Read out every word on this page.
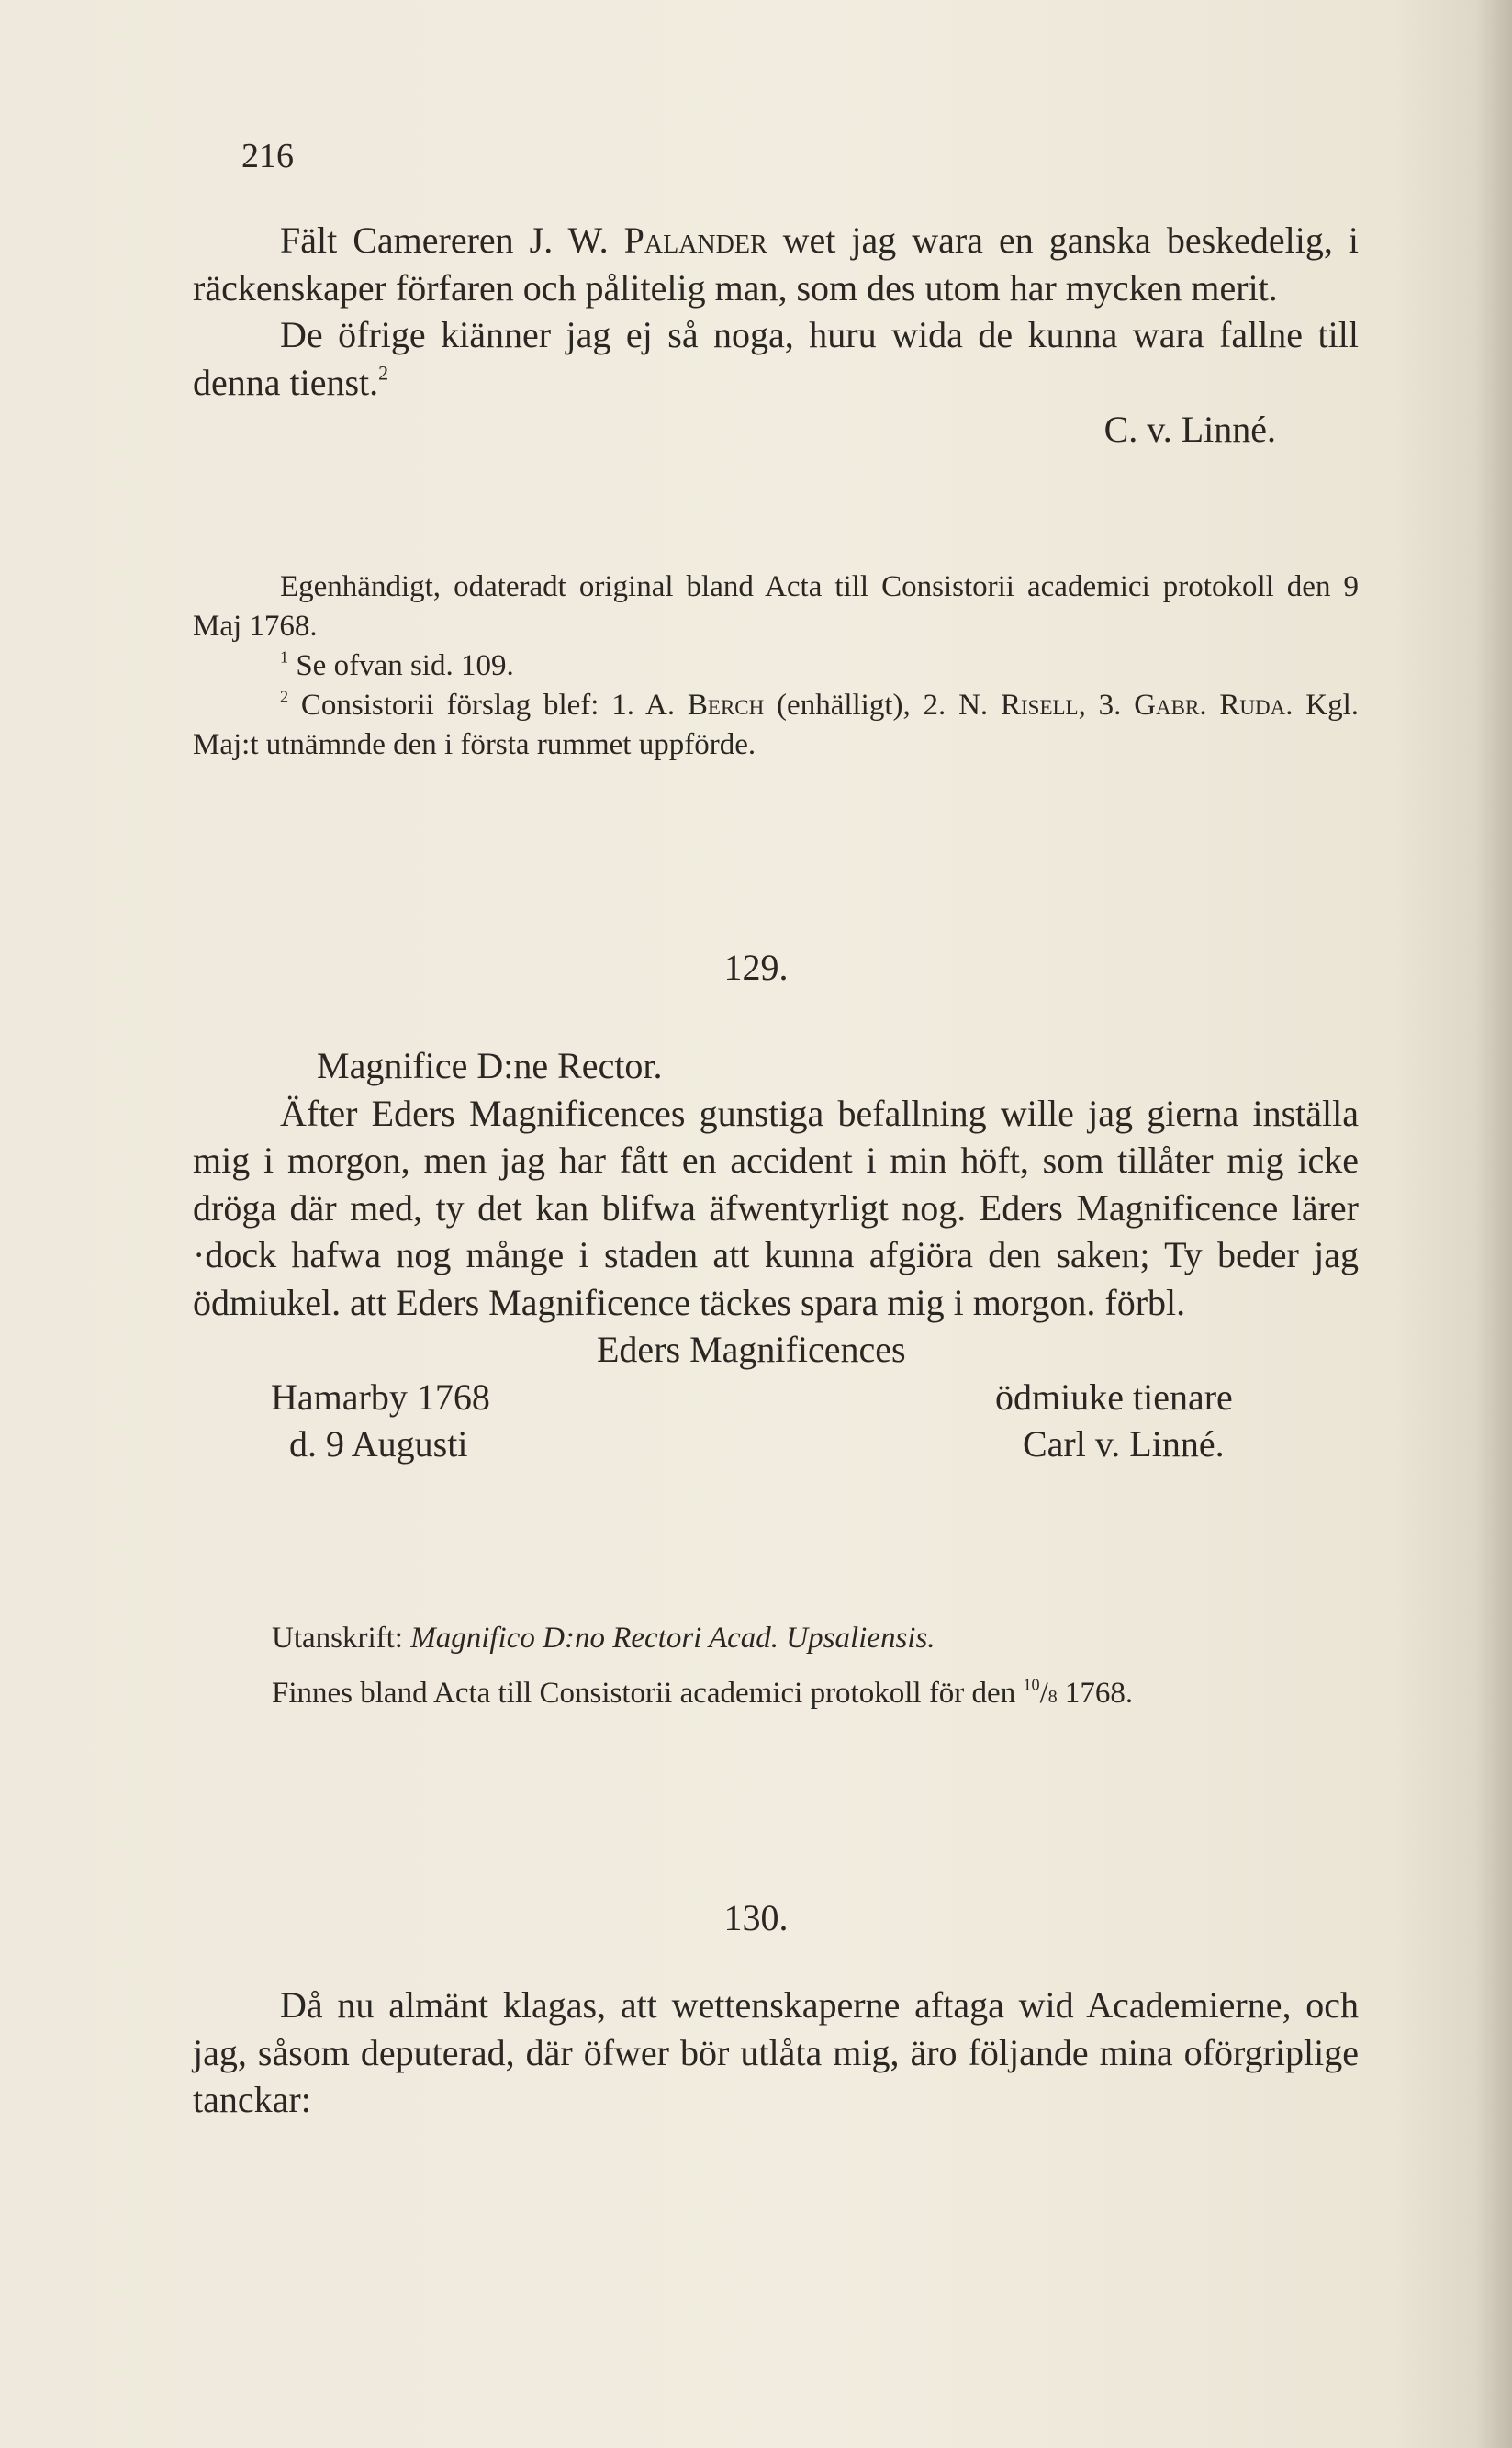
216

Fält Camereren J. W. Palander wet jag wara en ganska beskedelig, i räckenskaper förfaren och pålitelig man, som des utom har mycken merit.

De öfrige kiänner jag ej så noga, huru wida de kunna wara fallne till denna tienst.$^2$

C. v. Linné.

Egenhändigt, odateradt original bland Acta till Consistorii academici protokoll den 9 Maj 1768.

$^1$ Se ofvan sid. 109.

$^2$ Consistorii förslag blef: 1. A. Berch (enhälligt), 2. N. Risell, 3. Gabr. Ruda. Kgl. Maj:t utnämnde den i första rummet uppförde.

129.

Magnifice D:ne Rector.

Äfter Eders Magnificences gunstiga befallning wille jag gierna inställa mig i morgon, men jag har fått en accident i min höft, som tillåter mig icke dröga där med, ty det kan blifwa äfwentyrligt nog. Eders Magnificence lärer ·dock hafwa nog månge i staden att kunna afgiöra den saken; Ty beder jag ödmiukel. att Eders Magnificence täckes spara mig i morgon. förbl.

Eders Magnificences

Hamarby 1768
d. 9 Augusti
ödmiuke tienare
Carl v. Linné.

Utanskrift: Magnifico D:no Rectori Acad. Upsaliensis.

Finnes bland Acta till Consistorii academici protokoll för den $^{10}$/8 1768.

130.

Då nu almänt klagas, att wettenskaperne aftaga wid Academierne, och jag, såsom deputerad, där öfwer bör utlåta mig, äro följande mina oförgriplige tanckar:
